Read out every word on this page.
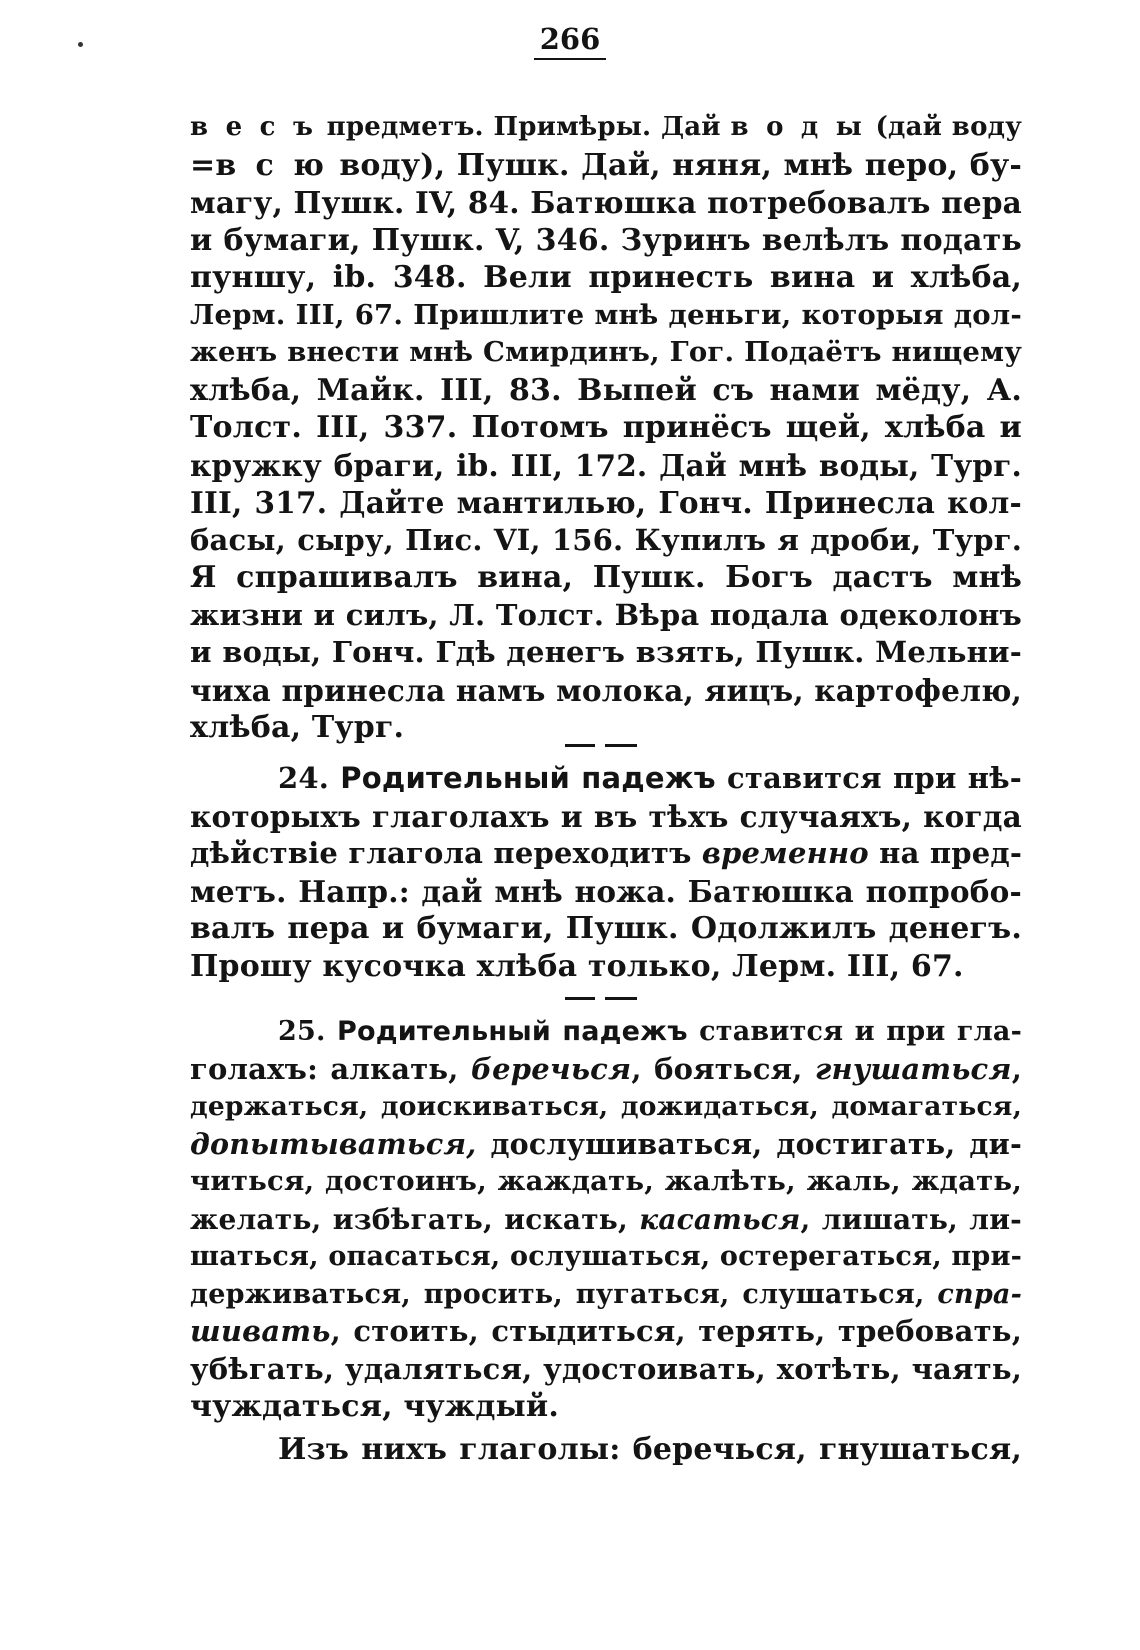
266
в е с ъ предметъ. Примѣры. Дай в о д ы (дай воду
=в с ю воду), Пушк. Дай, няня, мнѣ перо, бу-
магу, Пушк. IV, 84. Батюшка потребовалъ пера
и бумаги, Пушк. V, 346. Зуринъ велѣлъ подать
пуншу, ib. 348. Вели принесть вина и хлѣба,
Лерм. III, 67. Пришлите мнѣ деньги, которыя дол-
женъ внести мнѣ Смирдинъ, Гог. Подаётъ нищему
хлѣба, Майк. III, 83. Выпей съ нами мёду, А.
Толст. III, 337. Потомъ принёсъ щей, хлѣба и
кружку браги, ib. III, 172. Дай мнѣ воды, Тург.
III, 317. Дайте мантилью, Гонч. Принесла кол-
басы, сыру, Пис. VI, 156. Купилъ я дроби, Тург.
Я спрашивалъ вина, Пушк. Богъ дастъ мнѣ
жизни и силъ, Л. Толст. Вѣра подала одеколонъ
и воды, Гонч. Гдѣ денегъ взять, Пушк. Мельни-
чиха принесла намъ молока, яицъ, картофелю,
хлѣба, Тург.
24. Родительный падежъ ставится при нѣ-
которыхъ глаголахъ и въ тѣхъ случаяхъ, когда
дѣйствіе глагола переходитъ временно на пред-
метъ. Напр.: дай мнѣ ножа. Батюшка попробо-
валъ пера и бумаги, Пушк. Одолжилъ денегъ.
Прошу кусочка хлѣба только, Лерм. III, 67.
25. Родительный падежъ ставится и при гла-
голахъ: алкать, беречься, бояться, гнушаться,
держаться, доискиваться, дожидаться, домагаться,
допытываться, дослушиваться, достигать, ди-
читься, достоинъ, жаждать, жалѣть, жаль, ждать,
желать, избѣгать, искать, касаться, лишать, ли-
шаться, опасаться, ослушаться, остерегаться, при-
держиваться, просить, пугаться, слушаться, спра-
шивать, стоить, стыдиться, терять, требовать,
убѣгать, удаляться, удостоивать, хотѣть, чаять,
чуждаться, чуждый.
Изъ нихъ глаголы: беречься, гнушаться,
